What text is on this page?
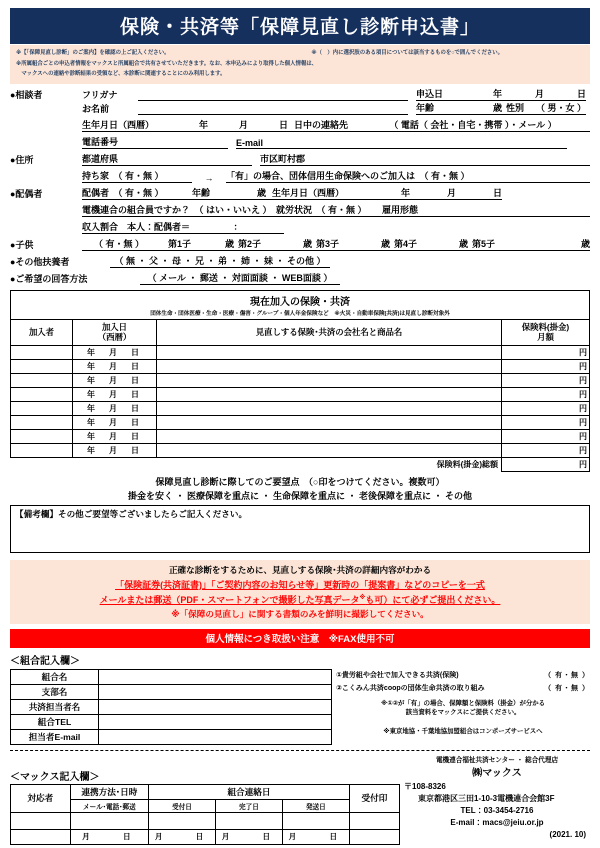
保険・共済等「保障見直し診断申込書」
※【「保障見直し診断」のご案内】を確認の上ご記入ください。	※（　）内に選択肢のある項目については該当するものを○で囲んでください。
※所属組合ごとの申込者情報をマックスと所属組合で共有させていただきます。なお、本申込みにより取得した個人情報は、
　マックスへの連絡や診断結果の受領など、本診断に関連することにのみ利用します。
●相談者	フリガナ	申込日	年	月	日
お名前	年齢	歳 性別	（ 男・女 ）
生年月日（西暦）	年	月	日 日中の連絡先	（ 電話（ 会社・自宅・携帯 ）・メール ）
電話番号	E-mail
●住所	都道府県	市区町村郡
持ち家　（ 有・無 ）	→	「有」の場合、団体信用生命保険へのご加入は　（ 有・無 ）
●配偶者	配偶者　（ 有・無 ）	年齢	歳 生年月日（西暦）	年	月	日
電機連合の組合員ですか？　（ はい・いいえ ） 就労状況　（ 有・無 ）	雇用形態
収入割合　本人：配偶者＝	：
●子供	（ 有・無 ）	第1子	歳 第2子	歳 第3子	歳 第4子	歳 第5子	歳
●その他扶養者	（ 無 ・ 父 ・ 母 ・ 兄 ・ 弟 ・ 姉 ・ 妹 ・ その他 ）
●ご希望の回答方法	（ メール ・ 郵送 ・ 対面面談 ・ WEB面談 ）
現在加入の保険・共済			
団体生命・団体医療・生命・医療・傷害・グループ・個人年金保険など　※火災・自動車保険(共済)は見直し診断対象外			
加入者	
加入日
（西暦）
	見直しする保険･共済の会社名と商品名	
保険料(掛金)
月額

	年　月　日		円
	年　月　日		円
	年　月　日		円
	年　月　日		円
	年　月　日		円
	年　月　日		円
	年　月　日		円
	年　月　日		円
保険料(掛金)総額			円
保障見直し診断に際してのご要望点　（○印をつけてください。複数可）
掛金を安く ・ 医療保障を重点に ・ 生命保障を重点に ・ 老後保障を重点に ・ その他
【備考欄】その他ご要望等ございましたらご記入ください。
正確な診断をするために、見直しする保険･共済の詳細内容がわかる
「保険証券(共済証書)」「ご契約内容のお知らせ等」更新時の「提案書」などのコピーを一式
メールまたは郵送（PDF・スマートフォンで撮影した写真データ※も可）にて必ずご提出ください。
※「保障の見直し」に関する書類のみを鮮明に撮影してください。
個人情報につき取扱い注意　※FAX使用不可
＜組合記入欄＞
組合名	
支部名	
共済担当者名	
組合TEL	
担当者E-mail	
①貴労組や会社で加入できる共済(保険)	（ 有・無 ）
②こくみん共済coopの団体生命共済の取り組み	（ 有・無 ）
※①②が「有」の場合、保障額と保険料（掛金）が分かる
該当資料をマックスにご提供ください。
※東京地協・千葉地協加盟組合はコンポーズサービスへ
＜マックス記入欄＞
対応者	連携方法･日時	組合連絡日			受付印
	メール･電話･郵送	受付日	完了日	発送日	

	月　　日	月　　日	月　　日	月　　日	
電機連合福祉共済センター ・ 総合代理店
㈱マックス
〒108-8326
東京都港区三田1-10-3電機連合会館3F
TEL：03-3454-2716
E-mail：macs@jeiu.or.jp
(2021. 10)
